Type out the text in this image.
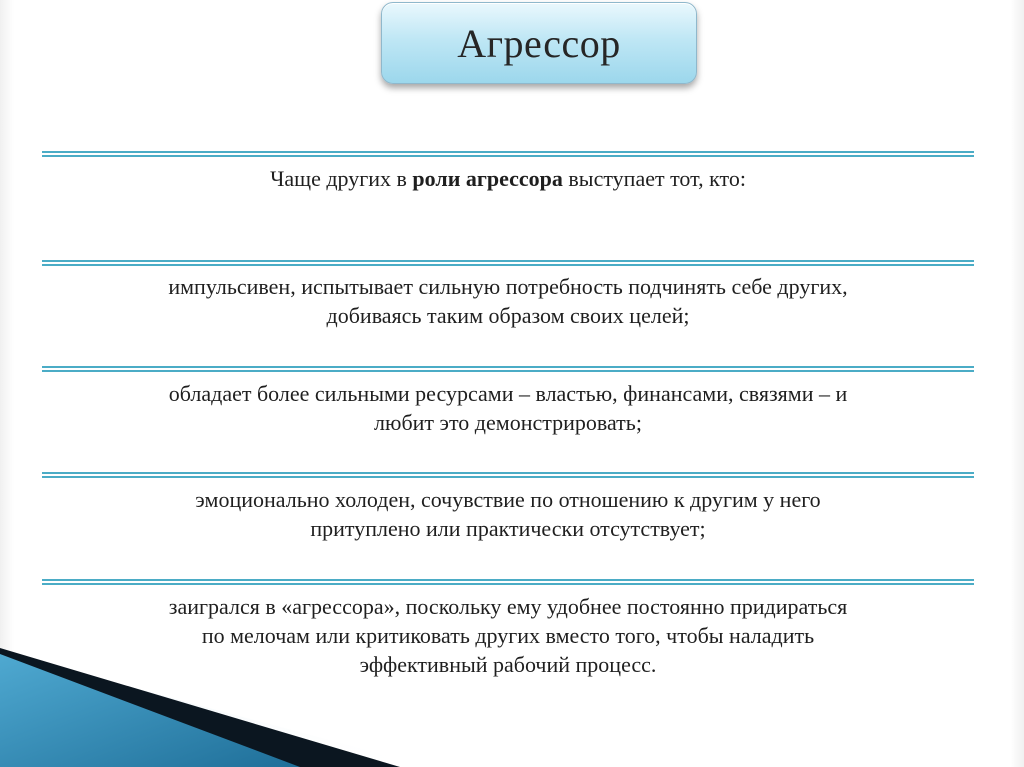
Агрессор
Чаще других в роли агрессора выступает тот, кто:
импульсивен, испытывает сильную потребность подчинять себе других,
добиваясь таким образом своих целей;
обладает более сильными ресурсами – властью, финансами, связями – и
любит это демонстрировать;
эмоционально холоден, сочувствие по отношению к другим у него
притуплено или практически отсутствует;
заигрался в «агрессора», поскольку ему удобнее постоянно придираться
по мелочам или критиковать других вместо того, чтобы наладить
эффективный рабочий процесс.
